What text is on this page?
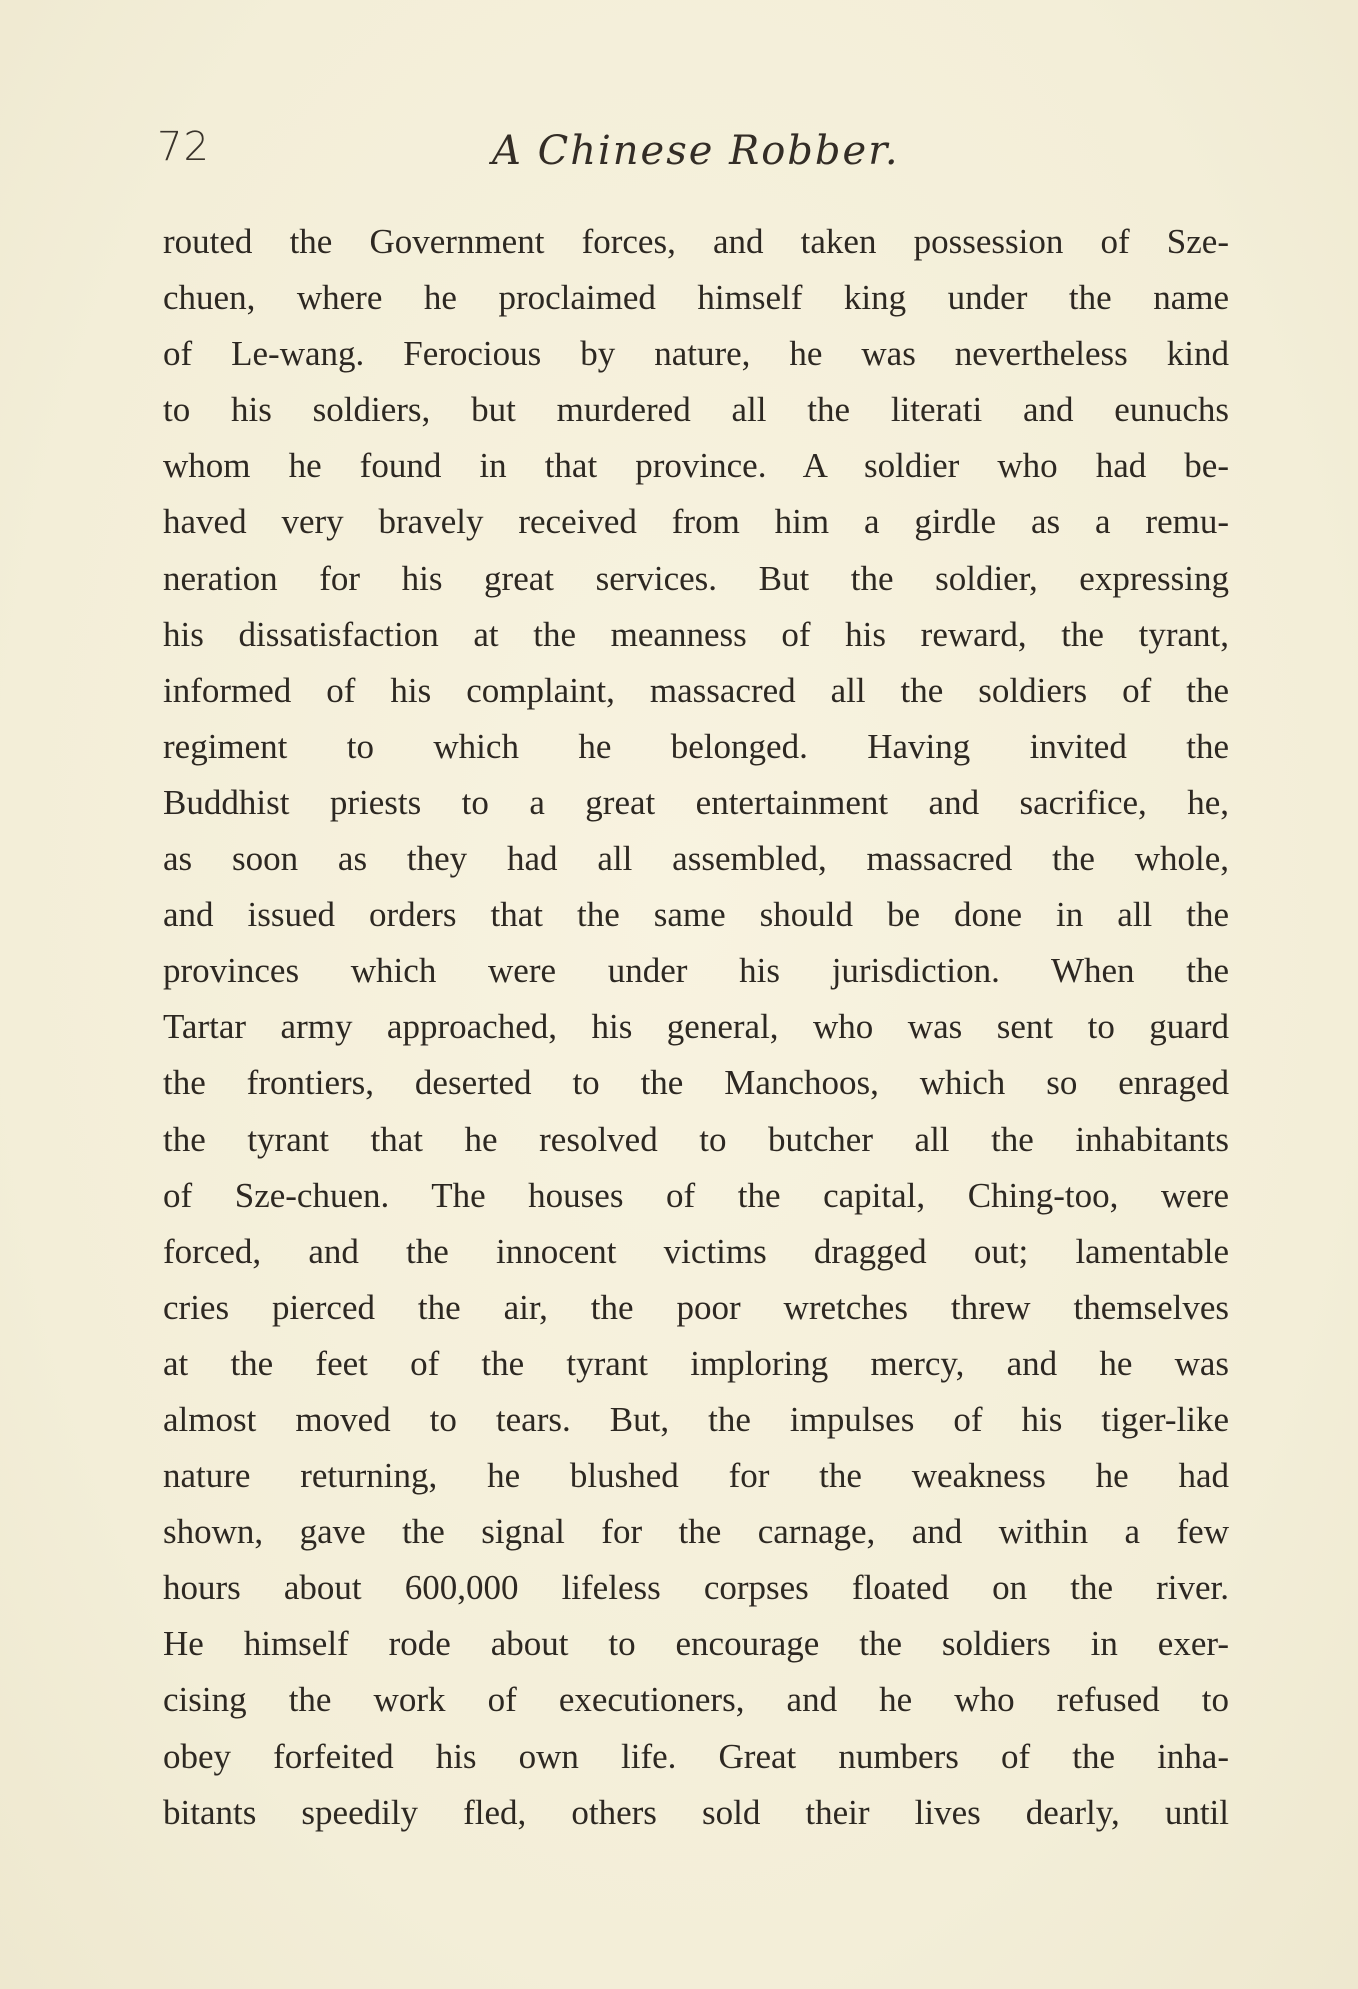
72	A Chinese Robber.
routed the Government forces, and taken possession of Sze-
chuen, where he proclaimed himself king under the name
of Le-wang. Ferocious by nature, he was nevertheless kind
to his soldiers, but murdered all the literati and eunuchs
whom he found in that province. A soldier who had be-
haved very bravely received from him a girdle as a remu-
neration for his great services. But the soldier, expressing
his dissatisfaction at the meanness of his reward, the tyrant,
informed of his complaint, massacred all the soldiers of the
regiment to which he belonged. Having invited the
Buddhist priests to a great entertainment and sacrifice, he,
as soon as they had all assembled, massacred the whole,
and issued orders that the same should be done in all the
provinces which were under his jurisdiction. When the
Tartar army approached, his general, who was sent to guard
the frontiers, deserted to the Manchoos, which so enraged
the tyrant that he resolved to butcher all the inhabitants
of Sze-chuen. The houses of the capital, Ching-too, were
forced, and the innocent victims dragged out; lamentable
cries pierced the air, the poor wretches threw themselves
at the feet of the tyrant imploring mercy, and he was
almost moved to tears. But, the impulses of his tiger-like
nature returning, he blushed for the weakness he had
shown, gave the signal for the carnage, and within a few
hours about 600,000 lifeless corpses floated on the river.
He himself rode about to encourage the soldiers in exer-
cising the work of executioners, and he who refused to
obey forfeited his own life. Great numbers of the inha-
bitants speedily fled, others sold their lives dearly, until
